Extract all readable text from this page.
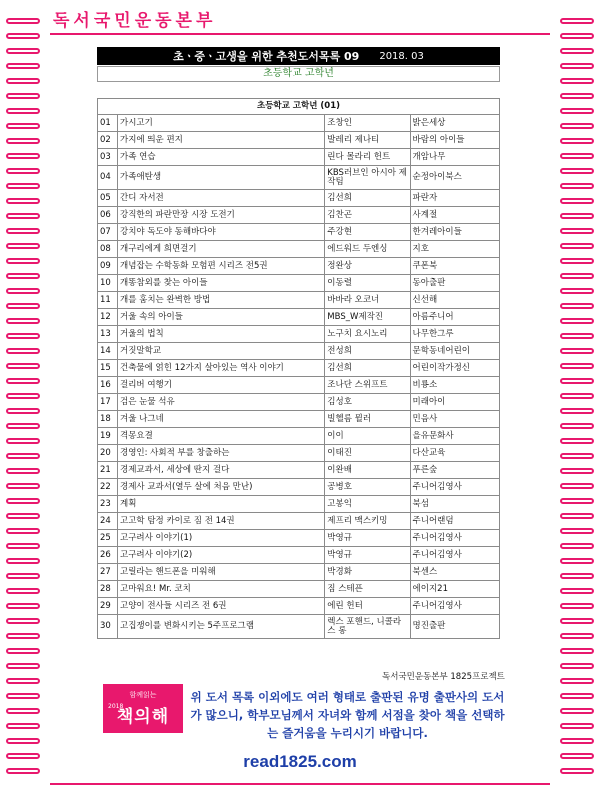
독서국민운동본부
초ㆍ중ㆍ고생을 위한 추천도서목록 09 2018. 03
초등학교 고학년
초등학교 고학년 (01)			
01	가시고기	조창인	밝은세상
02	가지에 띄운 편지	발레리 제나티	바람의 아이들
03	가족 연습	린다 몰라리 헌트	개암나무
04	가족애탄생	KBS러브인 아시아 제작팀	순정아이북스
05	간디 자서전	김선희	파란자
06	강직한의 파란만장 시장 도전기	김찬곤	사계절
07	강치야 독도야 동해바다야	주강현	한겨레아이들
08	개구리에게 희면걸기	에드워드 두엔싱	지호
09	개념잡는 수학동화 모험편 시리즈 전5권	정완상	쿠폰북
10	개똥참외를 찾는 아이들	이동렬	동아출판
11	개를 훔치는 완벽한 방법	바바라 오코너	신선해
12	거울 속의 아이들	MBS_W제작진	아름주니어
13	거울의 법칙	노구치 요시노리	나무한그루
14	거짓말학교	전성희	문학동네어린이
15	건축물에 얽힌 12가지 살아있는 역사 이야기	김선희	어린이작가정신
16	걸리버 여행기	조나단 스위프트	비룡소
17	검은 눈물 석유	김성호	미래아이
18	겨울 나그네	빌헬름 뮐러	민음사
19	격몽요결	이이	을유문화사
20	경영인: 사회적 부를 창출하는	이태진	다산교육
21	경제교과서, 세상에 딴지 걸다	이완배	푸른숲
22	경제사 교과서(열두 살에 처음 만난)	공병호	주니어김영사
23	계획	고봉익	북섬
24	고고학 탐정 카이로 짐 전 14권	제프리 맥스키밍	주니어랜덤
25	고구려사 이야기(1)	박영규	주니어김영사
26	고구려사 이야기(2)	박영규	주니어김영사
27	고릴라는 핸드폰을 미워해	박경화	북센스
28	고마워요! Mr. 코치	짐 스테픈	에이지21
29	고양이 전사들 시리즈 전 6권	에린 헌터	주니어김영사
30	고집쟁이를 변화시키는 5주프로그램	렉스 포핸드, 니콜라스 롱	명진출판
독서국민운동본부 1825프로젝트
2018
함께읽는
책의해
위 도서 목록 이외에도 여러 형태로 출판된 유명 출판사의 도서가 많으니, 학부모님께서 자녀와 함께 서점을 찾아 책을 선택하는 즐거움을 누리시기 바랍니다.
read1825.com
